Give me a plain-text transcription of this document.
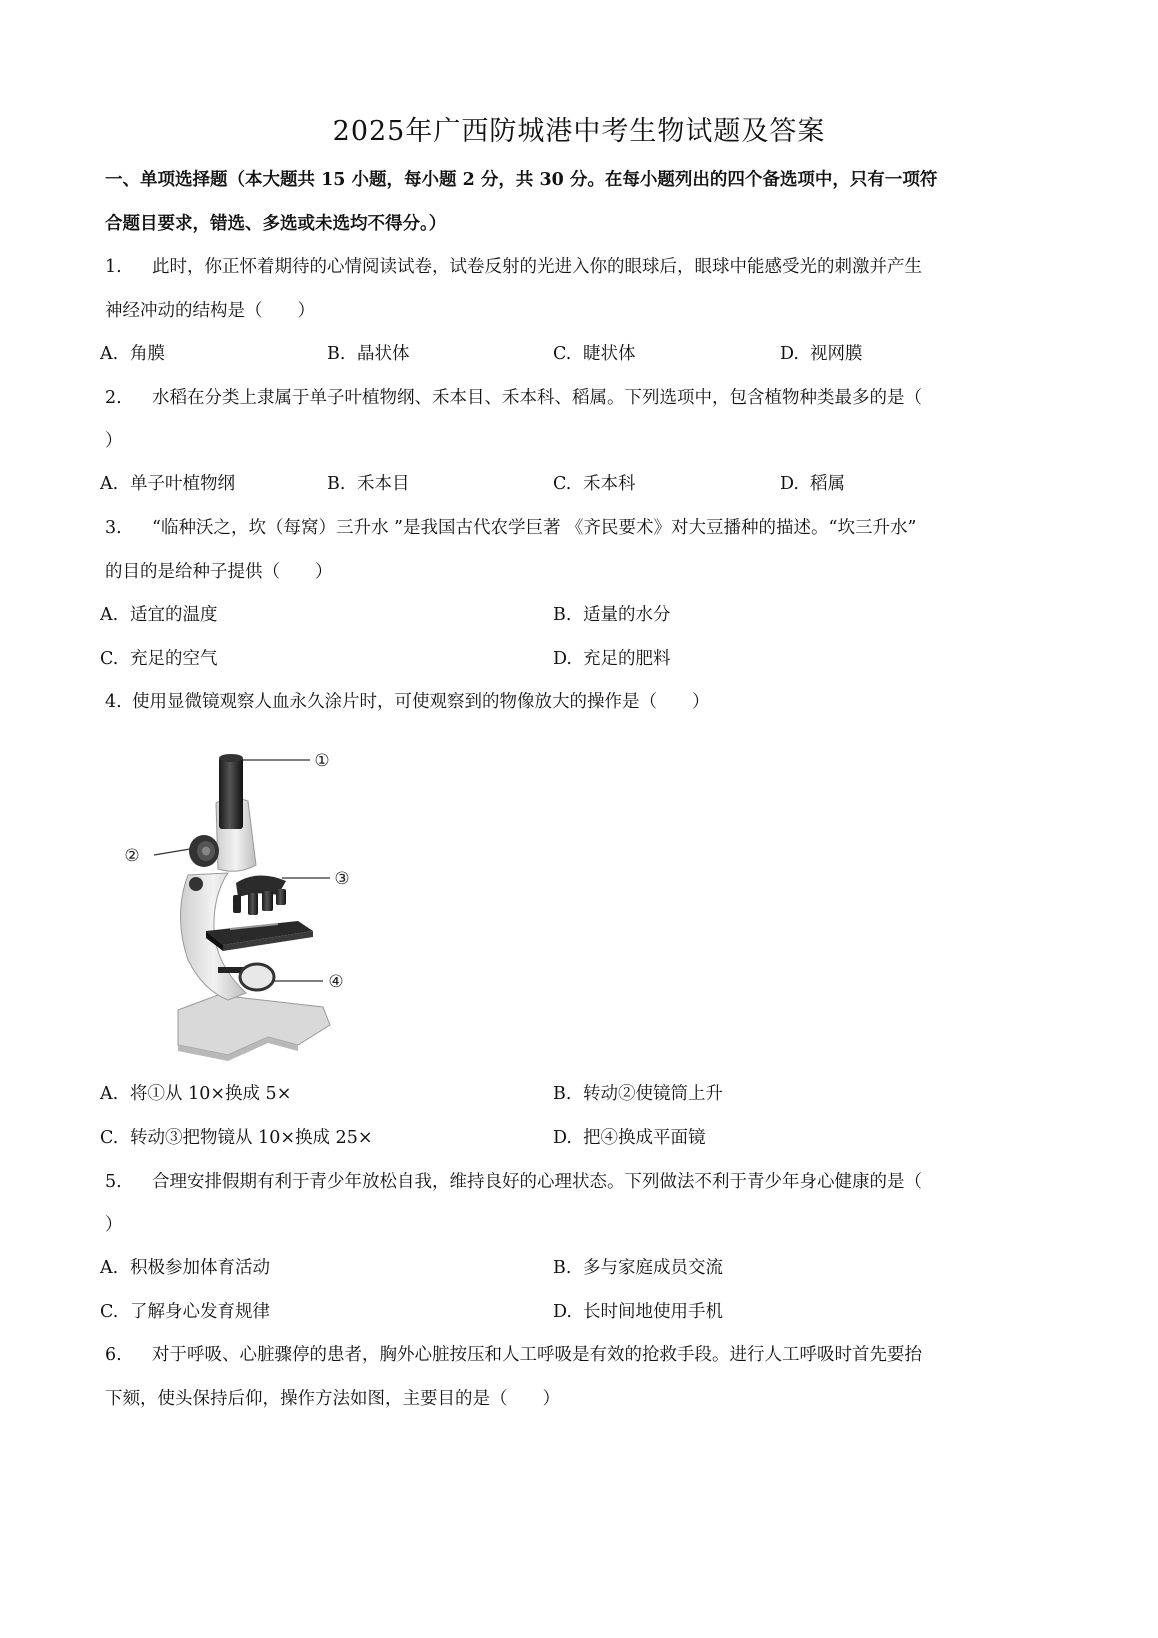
2025年广西防城港中考生物试题及答案
一、单项选择题（本大题共 15 小题，每小题 2 分，共 30 分。在每小题列出的四个备选项中，只有一项符
合题目要求，错选、多选或未选均不得分。）
1. 此时，你正怀着期待的心情阅读试卷，试卷反射的光进入你的眼球后，眼球中能感受光的刺激并产生
神经冲动的结构是（　　）
A. 角膜	B. 晶状体	C. 睫状体	D. 视网膜
2. 水稻在分类上隶属于单子叶植物纲、禾本目、禾本科、稻属。下列选项中，包含植物种类最多的是（
）
A. 单子叶植物纲	B. 禾本目	C. 禾本科	D. 稻属
3. “临种沃之，坎（每窝）三升水 ”是我国古代农学巨著 《齐民要术》对大豆播种的描述。“坎三升水”
的目的是给种子提供（　　）
A. 适宜的温度	B. 适量的水分
C. 充足的空气	D. 充足的肥料
4. 使用显微镜观察人血永久涂片时，可使观察到的物像放大的操作是（　　）
①
②
③
④
A. 将①从 10×换成 5×	B. 转动②使镜筒上升
C. 转动③把物镜从 10×换成 25×	D. 把④换成平面镜
5. 合理安排假期有利于青少年放松自我，维持良好的心理状态。下列做法不利于青少年身心健康的是（
）
A. 积极参加体育活动	B. 多与家庭成员交流
C. 了解身心发育规律	D. 长时间地使用手机
6. 对于呼吸、心脏骤停的患者，胸外心脏按压和人工呼吸是有效的抢救手段。进行人工呼吸时首先要抬
下颏，使头保持后仰，操作方法如图，主要目的是（　　）
